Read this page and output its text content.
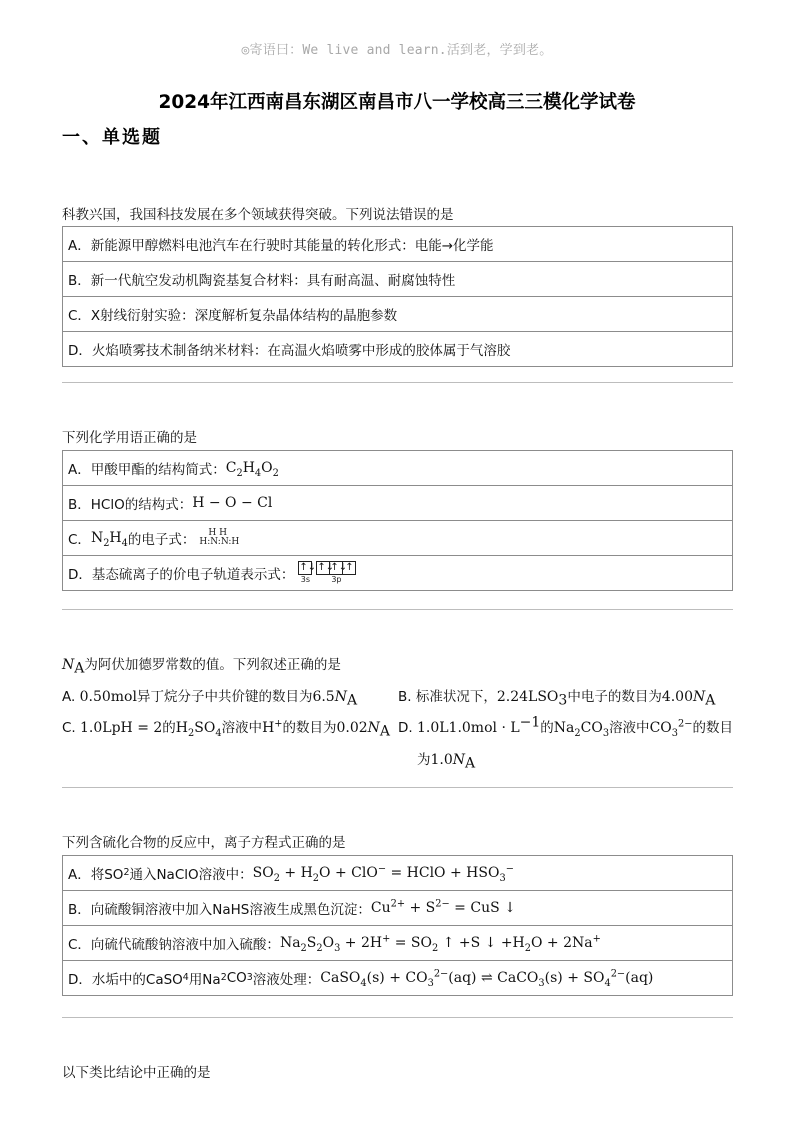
◎寄语曰：We live and learn.活到老，学到老。
2024年江西南昌东湖区南昌市八一学校高三三模化学试卷
一、单选题
科教兴国，我国科技发展在多个领域获得突破。下列说法错误的是
A．新能源甲醇燃料电池汽车在行驶时其能量的转化形式：电能→化学能
B．新一代航空发动机陶瓷基复合材料：具有耐高温、耐腐蚀特性
C．X射线衍射实验：深度解析复杂晶体结构的晶胞参数
D．火焰喷雾技术制备纳米材料：在高温火焰喷雾中形成的胶体属于气溶胶
下列化学用语正确的是
A．甲酸甲酯的结构简式： $C_2H_4O_2$
B．HClO的结构式： H − O − Cl
C． $N_2H_4$ 的电子式：	H H
H:N:N:H
D．基态硫离子的价电子轨道表示式： ↑↓
3s
↑↓
↑↓
↑
3p
$N_A$为阿伏加德罗常数的值。下列叙述正确的是
A. 0.50mol异丁烷分子中共价键的数目为$6.5N_A$	B. 标准状况下，$2.24LSO_3$中电子的数目为$4.00N_A$
C. 1.0LpH = 2的$H_2SO_4$溶液中H+的数目为$0.02N_A$ D. $1.0L1.0mol \cdot L^{-1}$的$Na_2CO_3$溶液中$CO_3^{2-}$的数目
为$1.0N_A$
下列含硫化合物的反应中，离子方程式正确的是
A．将SO 2 通入NaClO溶液中： $SO_2 + H_2O + ClO^-$ = HClO + $HSO_3^-$
B．向硫酸铜溶液中加入NaHS溶液生成黑色沉淀： $Cu^{2+} + S^{2-}$ = CuS ↓
C．向硫代硫酸钠溶液中加入硫酸： $Na_2S_2O_3 + 2H^+ = SO_2$ ↑ +S ↓ $+H_2O + 2Na^+$
D．水垢中的CaSO 4 用Na 2 CO 3 溶液处理： CaSO$_4$(s) + $CO_3^{2-}(aq)$ ⇌ CaCO$_3$(s) + $SO_4^{2-}(aq)$
以下类比结论中正确的是
